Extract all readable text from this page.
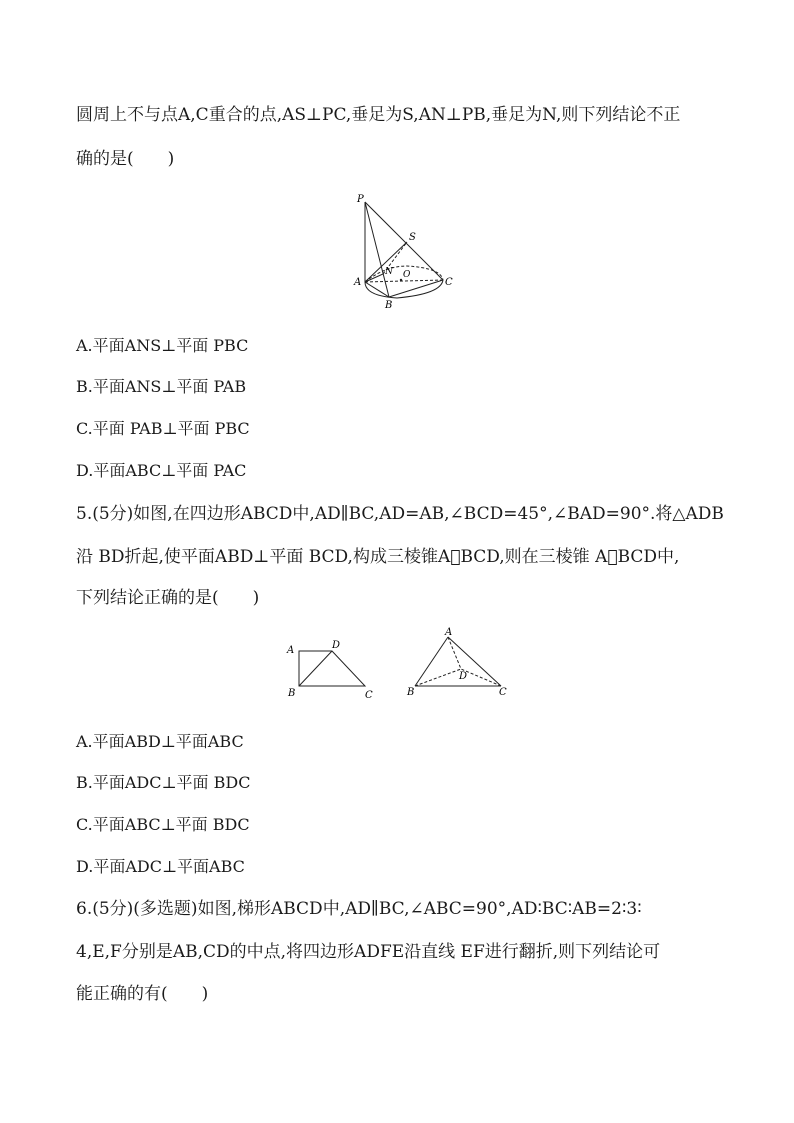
圆周上不与点A,C重合的点,AS⊥PC,垂足为S,AN⊥PB,垂足为N,则下列结论不正
确的是(　　)
P
S
N O
A
B
C
A.平面ANS⊥平面 PBC
B.平面ANS⊥平面 PAB
C.平面 PAB⊥平面 PBC
D.平面ABC⊥平面 PAC
5.(5分)如图,在四边形ABCD中,AD∥BC,AD=AB,∠BCD=45°,∠BAD=90°.将△ADB
沿 BD折起,使平面ABD⊥平面 BCD,构成三棱锥A􀆼BCD,则在三棱锥 A􀆼BCD中,
下列结论正确的是(　　)
A	D
B	C
A
D
B	C
A.平面ABD⊥平面ABC
B.平面ADC⊥平面 BDC
C.平面ABC⊥平面 BDC
D.平面ADC⊥平面ABC
6.(5分)(多选题)如图,梯形ABCD中,AD∥BC,∠ABC=90°,AD∶BC∶AB=2∶3∶
4,E,F分别是AB,CD的中点,将四边形ADFE沿直线 EF进行翻折,则下列结论可
能正确的有(　　)
